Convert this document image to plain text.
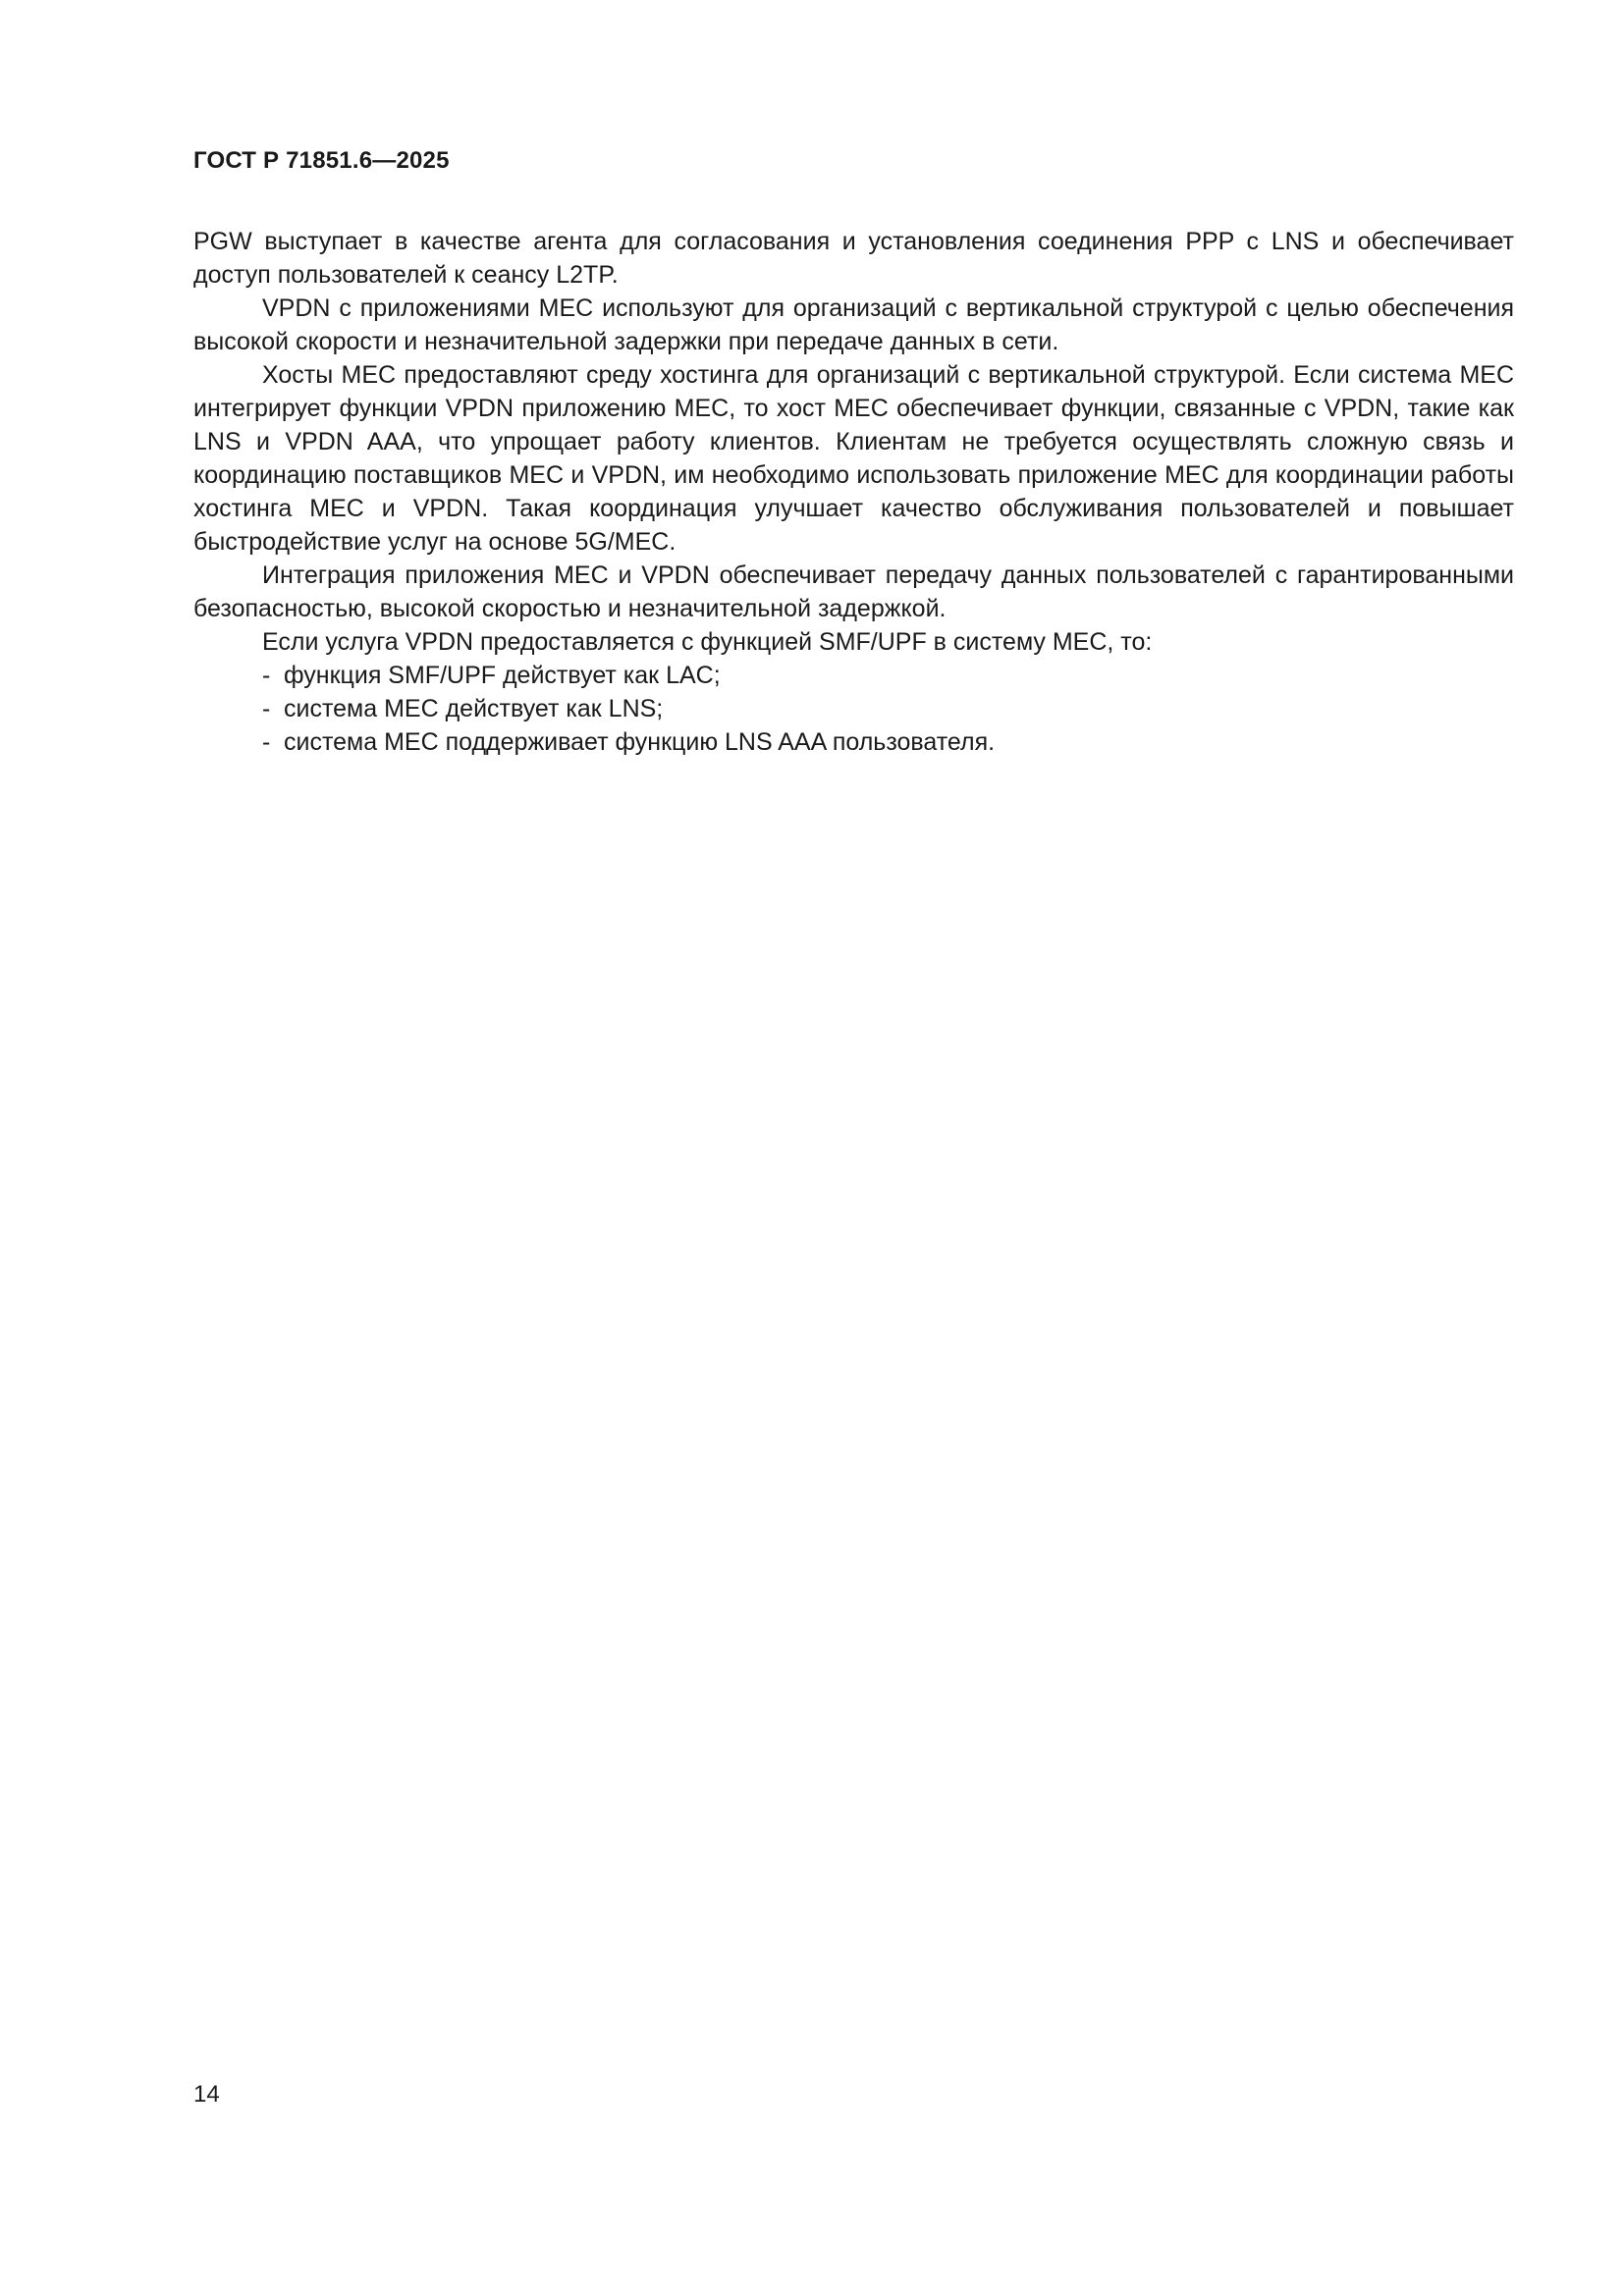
ГОСТ Р 71851.6—2025

PGW выступает в качестве агента для согласования и установления соединения PPP с LNS и обеспечивает доступ пользователей к сеансу L2TP.

VPDN с приложениями МЕС используют для организаций с вертикальной структурой с целью обеспечения высокой скорости и незначительной задержки при передаче данных в сети.

Хосты МЕС предоставляют среду хостинга для организаций с вертикальной структурой. Если система МЕС интегрирует функции VPDN приложению МЕС, то хост МЕС обеспечивает функции, связанные с VPDN, такие как LNS и VPDN AAA, что упрощает работу клиентов. Клиентам не требуется осуществлять сложную связь и координацию поставщиков МЕС и VPDN, им необходимо использовать приложение МЕС для координации работы хостинга МЕС и VPDN. Такая координация улучшает качество обслуживания пользователей и повышает быстродействие услуг на основе 5G/MEC.

Интеграция приложения МЕС и VPDN обеспечивает передачу данных пользователей с гарантированными безопасностью, высокой скоростью и незначительной задержкой.

Если услуга VPDN предоставляется с функцией SMF/UPF в систему МЕС, то:

- функция SMF/UPF действует как LAC;
- система МЕС действует как LNS;
- система МЕС поддерживает функцию LNS AAA пользователя.
14
